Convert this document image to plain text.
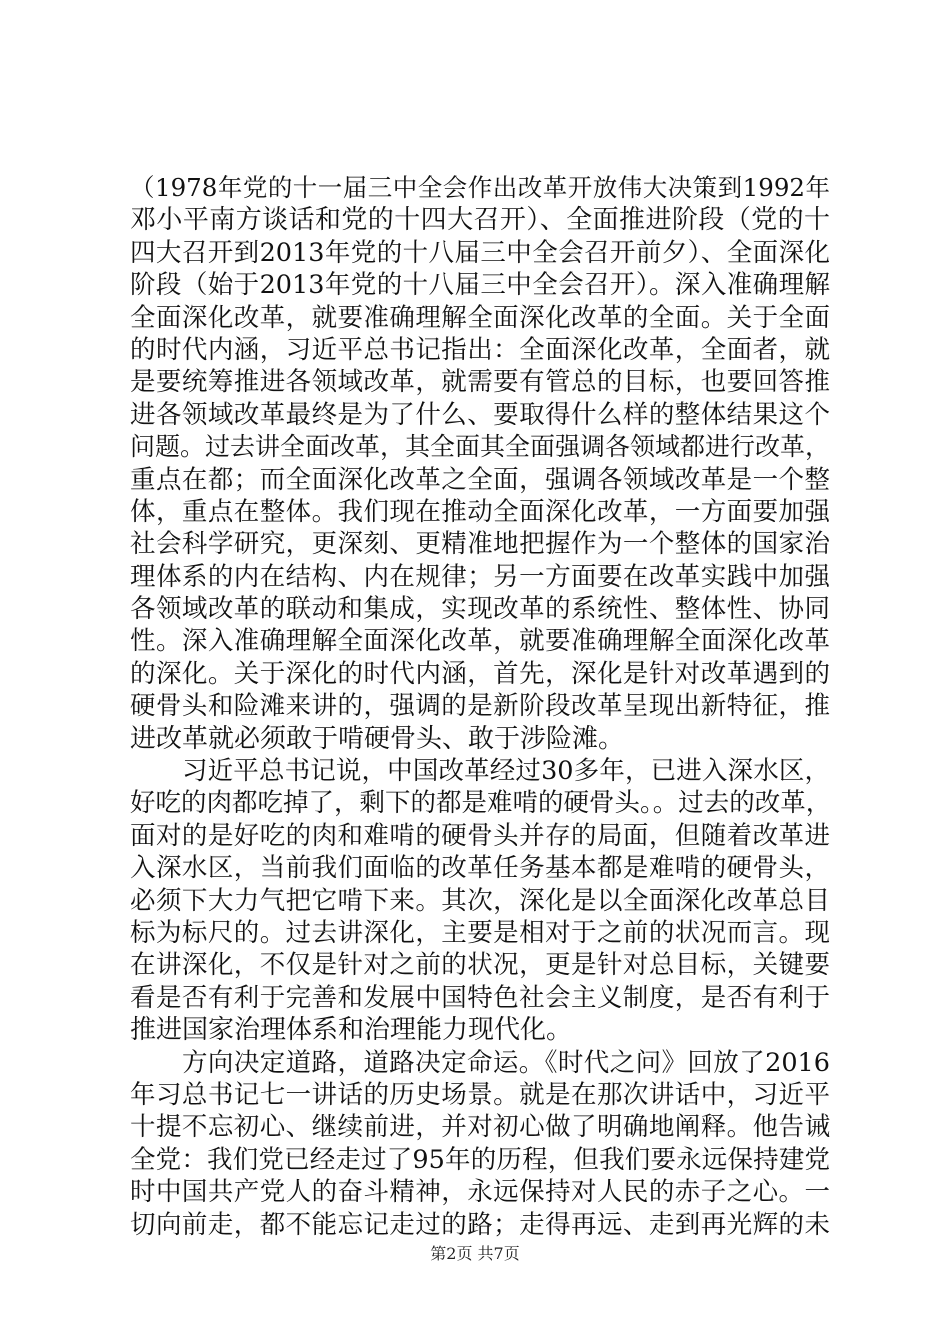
（1978年党的十一届三中全会作出改革开放伟大决策到1992年
邓小平南方谈话和党的十四大召开）、全面推进阶段（党的十
四大召开到2013年党的十八届三中全会召开前夕）、全面深化
阶段（始于2013年党的十八届三中全会召开）。深入准确理解
全面深化改革，就要准确理解全面深化改革的全面。关于全面
的时代内涵，习近平总书记指出：全面深化改革，全面者，就
是要统筹推进各领域改革，就需要有管总的目标，也要回答推
进各领域改革最终是为了什么、要取得什么样的整体结果这个
问题。过去讲全面改革，其全面其全面强调各领域都进行改革，
重点在都；而全面深化改革之全面，强调各领域改革是一个整
体，重点在整体。我们现在推动全面深化改革，一方面要加强
社会科学研究，更深刻、更精准地把握作为一个整体的国家治
理体系的内在结构、内在规律；另一方面要在改革实践中加强
各领域改革的联动和集成，实现改革的系统性、整体性、协同
性。深入准确理解全面深化改革，就要准确理解全面深化改革
的深化。关于深化的时代内涵，首先，深化是针对改革遇到的
硬骨头和险滩来讲的，强调的是新阶段改革呈现出新特征，推
进改革就必须敢于啃硬骨头、敢于涉险滩。
习近平总书记说，中国改革经过30多年，已进入深水区，
好吃的肉都吃掉了，剩下的都是难啃的硬骨头。。过去的改革，
面对的是好吃的肉和难啃的硬骨头并存的局面，但随着改革进
入深水区，当前我们面临的改革任务基本都是难啃的硬骨头，
必须下大力气把它啃下来。其次，深化是以全面深化改革总目
标为标尺的。过去讲深化，主要是相对于之前的状况而言。现
在讲深化，不仅是针对之前的状况，更是针对总目标，关键要
看是否有利于完善和发展中国特色社会主义制度，是否有利于
推进国家治理体系和治理能力现代化。
方向决定道路，道路决定命运。《时代之问》回放了2016
年习总书记七一讲话的历史场景。就是在那次讲话中，习近平
十提不忘初心、继续前进，并对初心做了明确地阐释。他告诫
全党：我们党已经走过了95年的历程，但我们要永远保持建党
时中国共产党人的奋斗精神，永远保持对人民的赤子之心。一
切向前走，都不能忘记走过的路；走得再远、走到再光辉的未
第2页 共7页
